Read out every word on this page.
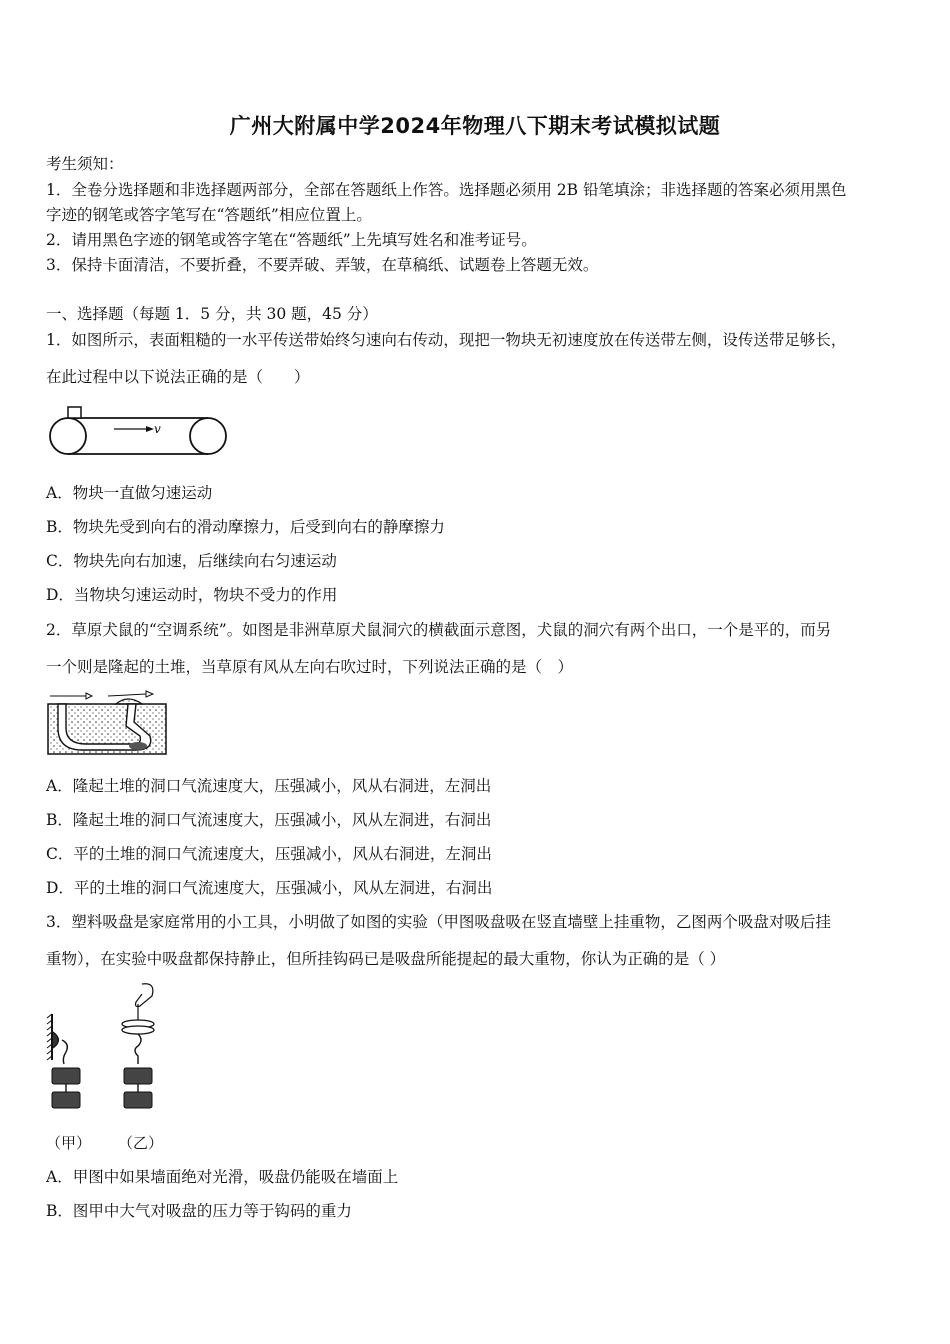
广州大附属中学2024年物理八下期末考试模拟试题
考生须知：
1．全卷分选择题和非选择题两部分，全部在答题纸上作答。选择题必须用 2B 铅笔填涂；非选择题的答案必须用黑色
字迹的钢笔或答字笔写在“答题纸”相应位置上。
2．请用黑色字迹的钢笔或答字笔在“答题纸”上先填写姓名和准考证号。
3．保持卡面清洁，不要折叠，不要弄破、弄皱，在草稿纸、试题卷上答题无效。
一、选择题（每题 1．5 分，共 30 题，45 分）
1．如图所示，表面粗糙的一水平传送带始终匀速向右传动，现把一物块无初速度放在传送带左侧，设传送带足够长，
在此过程中以下说法正确的是（　　）
v
A．物块一直做匀速运动
B．物块先受到向右的滑动摩擦力，后受到向右的静摩擦力
C．物块先向右加速，后继续向右匀速运动
D．当物块匀速运动时，物块不受力的作用
2．草原犬鼠的“空调系统”。如图是非洲草原犬鼠洞穴的横截面示意图，犬鼠的洞穴有两个出口，一个是平的，而另
一个则是隆起的土堆，当草原有风从左向右吹过时，下列说法正确的是（　）
A．隆起土堆的洞口气流速度大，压强减小，风从右洞进，左洞出
B．隆起土堆的洞口气流速度大，压强减小，风从左洞进，右洞出
C．平的土堆的洞口气流速度大，压强减小，风从右洞进，左洞出
D．平的土堆的洞口气流速度大，压强减小，风从左洞进，右洞出
3．塑料吸盘是家庭常用的小工具，小明做了如图的实验（甲图吸盘吸在竖直墙壁上挂重物，乙图两个吸盘对吸后挂
重物），在实验中吸盘都保持静止，但所挂钩码已是吸盘所能提起的最大重物，你认为正确的是（ ）
（甲） （乙）
A．甲图中如果墙面绝对光滑，吸盘仍能吸在墙面上
B．图甲中大气对吸盘的压力等于钩码的重力
